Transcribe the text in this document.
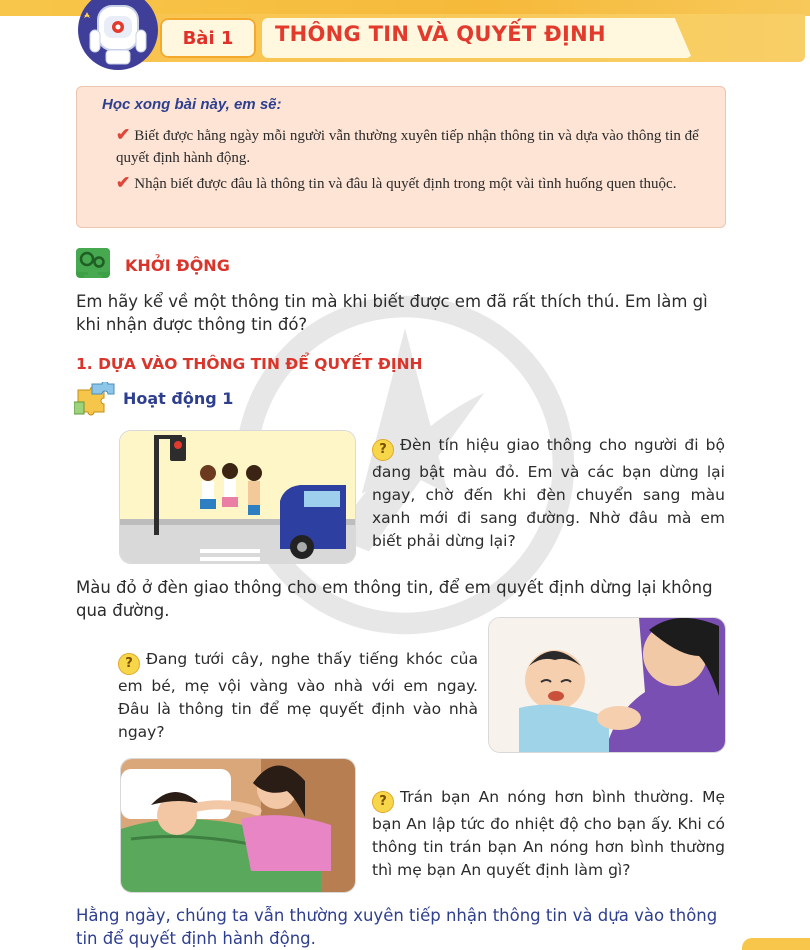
Bài 1 THÔNG TIN VÀ QUYẾT ĐỊNH
Học xong bài này, em sẽ:
✔ Biết được hằng ngày mỗi người vẫn thường xuyên tiếp nhận thông tin và dựa vào thông tin để quyết định hành động.
✔ Nhận biết được đâu là thông tin và đâu là quyết định trong một vài tình huống quen thuộc.
KHỞI ĐỘNG
Em hãy kể về một thông tin mà khi biết được em đã rất thích thú. Em làm gì khi nhận được thông tin đó?
1. DỰA VÀO THÔNG TIN ĐỂ QUYẾT ĐỊNH
Hoạt động 1
? Đèn tín hiệu giao thông cho người đi bộ đang bật màu đỏ. Em và các bạn dừng lại ngay, chờ đến khi đèn chuyển sang màu xanh mới đi sang đường. Nhờ đâu mà em biết phải dừng lại?
Màu đỏ ở đèn giao thông cho em thông tin, để em quyết định dừng lại không qua đường.
? Đang tưới cây, nghe thấy tiếng khóc của em bé, mẹ vội vàng vào nhà với em ngay. Đâu là thông tin để mẹ quyết định vào nhà ngay?
? Trán bạn An nóng hơn bình thường. Mẹ bạn An lập tức đo nhiệt độ cho bạn ấy. Khi có thông tin trán bạn An nóng hơn bình thường thì mẹ bạn An quyết định làm gì?
Hằng ngày, chúng ta vẫn thường xuyên tiếp nhận thông tin và dựa vào thông tin để quyết định hành động.
